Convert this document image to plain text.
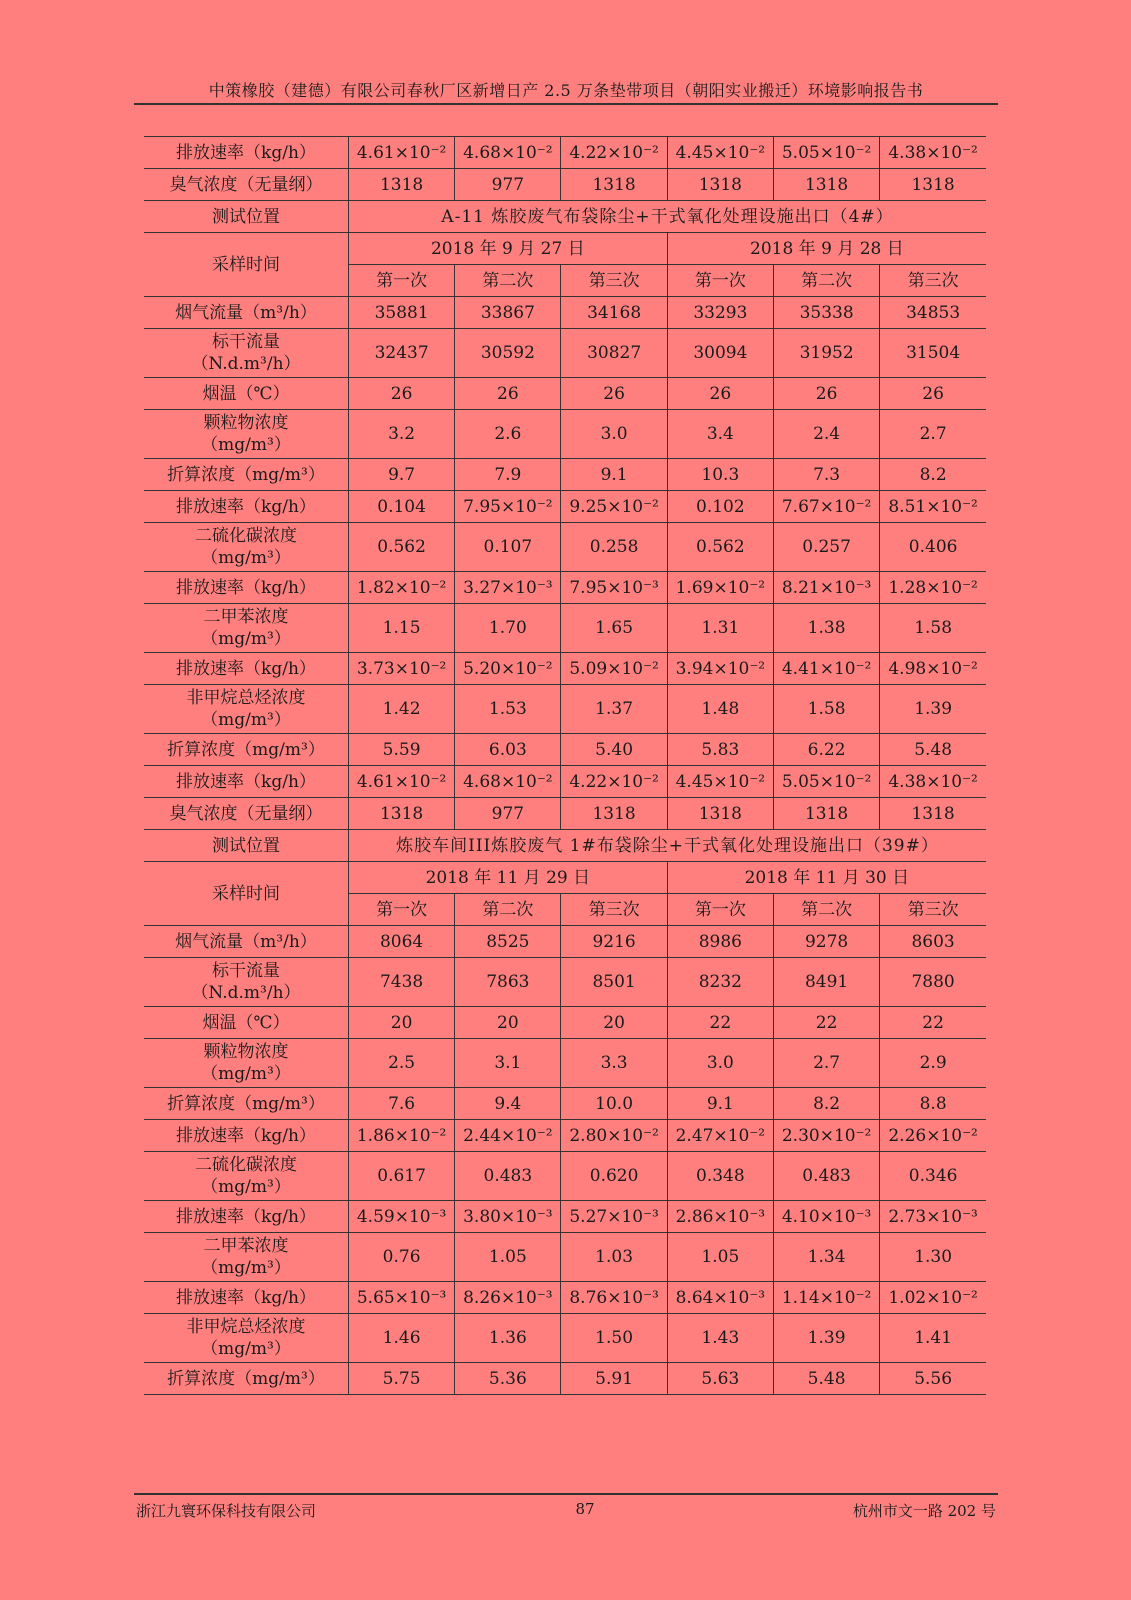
中策橡胶（建德）有限公司春秋厂区新增日产 2.5 万条垫带项目（朝阳实业搬迁）环境影响报告书
排放速率（kg/h）	4.61×10⁻²	4.68×10⁻²	4.22×10⁻²	4.45×10⁻²	5.05×10⁻²	4.38×10⁻²

臭气浓度（无量纲）	1318	977	1318	1318	1318	1318
测试位置	A-11 炼胶废气布袋除尘+干式氧化处理设施出口（4#）					
采样时间	2018 年 9 月 27 日			2018 年 9 月 28 日		
	第一次	第二次	第三次	第一次	第二次	第三次

烟气流量（m³/h）	35881	33867	34168	33293	35338	34853

标干流量
（N.d.m³/h）	32437	30592	30827	30094	31952	31504

烟温（℃）	26	26	26	26	26	26

颗粒物浓度
（mg/m³）	3.2	2.6	3.0	3.4	2.4	2.7

折算浓度（mg/m³）	9.7	7.9	9.1	10.3	7.3	8.2

排放速率（kg/h）	0.104	7.95×10⁻²	9.25×10⁻²	0.102	7.67×10⁻²	8.51×10⁻²

二硫化碳浓度
（mg/m³）	0.562	0.107	0.258	0.562	0.257	0.406

排放速率（kg/h）	1.82×10⁻²	3.27×10⁻³	7.95×10⁻³	1.69×10⁻²	8.21×10⁻³	1.28×10⁻²

二甲苯浓度
（mg/m³）	1.15	1.70	1.65	1.31	1.38	1.58

排放速率（kg/h）	3.73×10⁻²	5.20×10⁻²	5.09×10⁻²	3.94×10⁻²	4.41×10⁻²	4.98×10⁻²

非甲烷总烃浓度
（mg/m³）	1.42	1.53	1.37	1.48	1.58	1.39

折算浓度（mg/m³）	5.59	6.03	5.40	5.83	6.22	5.48

排放速率（kg/h）	4.61×10⁻²	4.68×10⁻²	4.22×10⁻²	4.45×10⁻²	5.05×10⁻²	4.38×10⁻²

臭气浓度（无量纲）	1318	977	1318	1318	1318	1318
测试位置	炼胶车间III炼胶废气 1#布袋除尘+干式氧化处理设施出口（39#）					
采样时间	2018 年 11 月 29 日			2018 年 11 月 30 日		
	第一次	第二次	第三次	第一次	第二次	第三次

烟气流量（m³/h）	8064	8525	9216	8986	9278	8603

标干流量
（N.d.m³/h）	7438	7863	8501	8232	8491	7880

烟温（℃）	20	20	20	22	22	22

颗粒物浓度
（mg/m³）	2.5	3.1	3.3	3.0	2.7	2.9

折算浓度（mg/m³）	7.6	9.4	10.0	9.1	8.2	8.8

排放速率（kg/h）	1.86×10⁻²	2.44×10⁻²	2.80×10⁻²	2.47×10⁻²	2.30×10⁻²	2.26×10⁻²

二硫化碳浓度
（mg/m³）	0.617	0.483	0.620	0.348	0.483	0.346

排放速率（kg/h）	4.59×10⁻³	3.80×10⁻³	5.27×10⁻³	2.86×10⁻³	4.10×10⁻³	2.73×10⁻³

二甲苯浓度
（mg/m³）	0.76	1.05	1.03	1.05	1.34	1.30

排放速率（kg/h）	5.65×10⁻³	8.26×10⁻³	8.76×10⁻³	8.64×10⁻³	1.14×10⁻²	1.02×10⁻²

非甲烷总烃浓度
（mg/m³）	1.46	1.36	1.50	1.43	1.39	1.41

折算浓度（mg/m³）	5.75	5.36	5.91	5.63	5.48	5.56
浙江九寰环保科技有限公司	87	杭州市文一路 202 号
